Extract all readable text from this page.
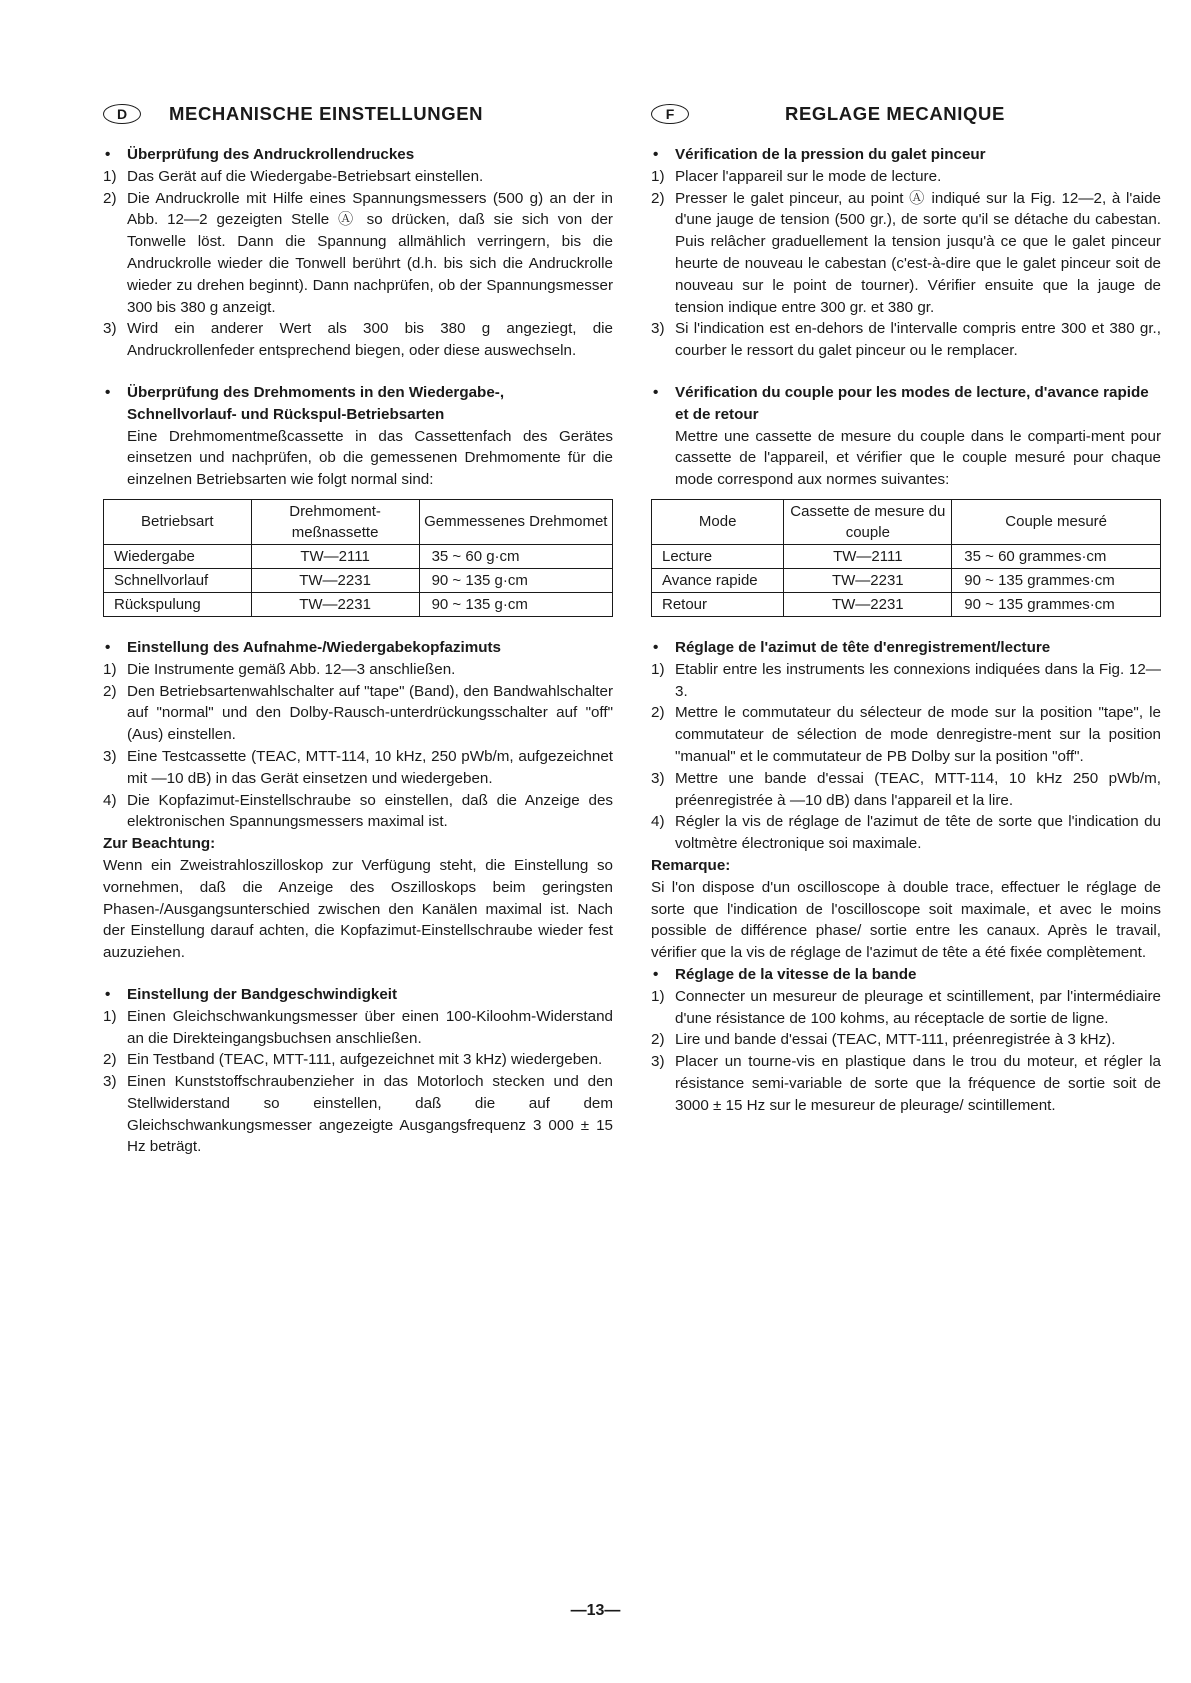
D	MECHANISCHE EINSTELLUNGEN
• Überprüfung des Andruckrollendruckes
1) Das Gerät auf die Wiedergabe-Betriebsart einstellen.
2) Die Andruckrolle mit Hilfe eines Spannungsmessers (500 g) an der in Abb. 12—2 gezeigten Stelle Ⓐ so drücken, daß sie sich von der Tonwelle löst. Dann die Spannung allmählich verringern, bis die Andruckrolle wieder die Tonwell berührt (d.h. bis sich die Andruckrolle wieder zu drehen beginnt). Dann nachprüfen, ob der Spannungsmesser 300 bis 380 g anzeigt.
3) Wird ein anderer Wert als 300 bis 380 g angeziegt, die Andruckrollenfeder entsprechend biegen, oder diese auswechseln.
• Überprüfung des Drehmoments in den Wiedergabe-, Schnellvorlauf- und Rückspul-Betriebsarten
Eine Drehmomentmeßcassette in das Cassettenfach des Gerätes einsetzen und nachprüfen, ob die gemessenen Drehmomente für die einzelnen Betriebsarten wie folgt normal sind:
Betriebsart	Drehmoment-meßnassette	Gemmessenes Drehmomet
Wiedergabe	TW—2111	35 ~ 60 g·cm
Schnellvorlauf	TW—2231	90 ~ 135 g·cm
Rückspulung	TW—2231	90 ~ 135 g·cm
• Einstellung des Aufnahme-/Wiedergabekopfazimuts
1) Die Instrumente gemäß Abb. 12—3 anschließen.
2) Den Betriebsartenwahlschalter auf "tape" (Band), den Bandwahlschalter auf "normal" und den Dolby-Rausch-unterdrückungsschalter auf "off" (Aus) einstellen.
3) Eine Testcassette (TEAC, MTT-114, 10 kHz, 250 pWb/m, aufgezeichnet mit —10 dB) in das Gerät einsetzen und wiedergeben.
4) Die Kopfazimut-Einstellschraube so einstellen, daß die Anzeige des elektronischen Spannungsmessers maximal ist.
Zur Beachtung:
Wenn ein Zweistrahloszilloskop zur Verfügung steht, die Einstellung so vornehmen, daß die Anzeige des Oszilloskops beim geringsten Phasen-/Ausgangsunterschied zwischen den Kanälen maximal ist. Nach der Einstellung darauf achten, die Kopfazimut-Einstellschraube wieder fest auzuziehen.
• Einstellung der Bandgeschwindigkeit
1) Einen Gleichschwankungsmesser über einen 100-Kiloohm-Widerstand an die Direkteingangsbuchsen anschließen.
2) Ein Testband (TEAC, MTT-111, aufgezeichnet mit 3 kHz) wiedergeben.
3) Einen Kunststoffschraubenzieher in das Motorloch stecken und den Stellwiderstand so einstellen, daß die auf dem Gleichschwankungsmesser angezeigte Ausgangsfrequenz 3 000 ± 15 Hz beträgt.
F	REGLAGE MECANIQUE
• Vérification de la pression du galet pinceur
1) Placer l'appareil sur le mode de lecture.
2) Presser le galet pinceur, au point Ⓐ indiqué sur la Fig. 12—2, à l'aide d'une jauge de tension (500 gr.), de sorte qu'il se détache du cabestan. Puis relâcher graduellement la tension jusqu'à ce que le galet pinceur heurte de nouveau le cabestan (c'est-à-dire que le galet pinceur soit de nouveau sur le point de tourner). Vérifier ensuite que la jauge de tension indique entre 300 gr. et 380 gr.
3) Si l'indication est en-dehors de l'intervalle compris entre 300 et 380 gr., courber le ressort du galet pinceur ou le remplacer.
• Vérification du couple pour les modes de lecture, d'avance rapide et de retour
Mettre une cassette de mesure du couple dans le comparti-ment pour cassette de l'appareil, et vérifier que le couple mesuré pour chaque mode correspond aux normes suivantes:
Mode	Cassette de mesure du couple	Couple mesuré
Lecture	TW—2111	35 ~ 60 grammes·cm
Avance rapide	TW—2231	90 ~ 135 grammes·cm
Retour	TW—2231	90 ~ 135 grammes·cm
• Réglage de l'azimut de tête d'enregistrement/lecture
1) Etablir entre les instruments les connexions indiquées dans la Fig. 12—3.
2) Mettre le commutateur du sélecteur de mode sur la position "tape", le commutateur de sélection de mode denregistre-ment sur la position "manual" et le commutateur de PB Dolby sur la position "off".
3) Mettre une bande d'essai (TEAC, MTT-114, 10 kHz 250 pWb/m, préenregistrée à —10 dB) dans l'appareil et la lire.
4) Régler la vis de réglage de l'azimut de tête de sorte que l'indication du voltmètre électronique soi maximale.
Remarque:
Si l'on dispose d'un oscilloscope à double trace, effectuer le réglage de sorte que l'indication de l'oscilloscope soit maximale, et avec le moins possible de différence phase/ sortie entre les canaux. Après le travail, vérifier que la vis de réglage de l'azimut de tête a été fixée complètement.
• Réglage de la vitesse de la bande
1) Connecter un mesureur de pleurage et scintillement, par l'intermédiaire d'une résistance de 100 kohms, au réceptacle de sortie de ligne.
2) Lire und bande d'essai (TEAC, MTT-111, préenregistrée à 3 kHz).
3) Placer un tourne-vis en plastique dans le trou du moteur, et régler la résistance semi-variable de sorte que la fréquence de sortie soit de 3000 ± 15 Hz sur le mesureur de pleurage/ scintillement.
—13—
